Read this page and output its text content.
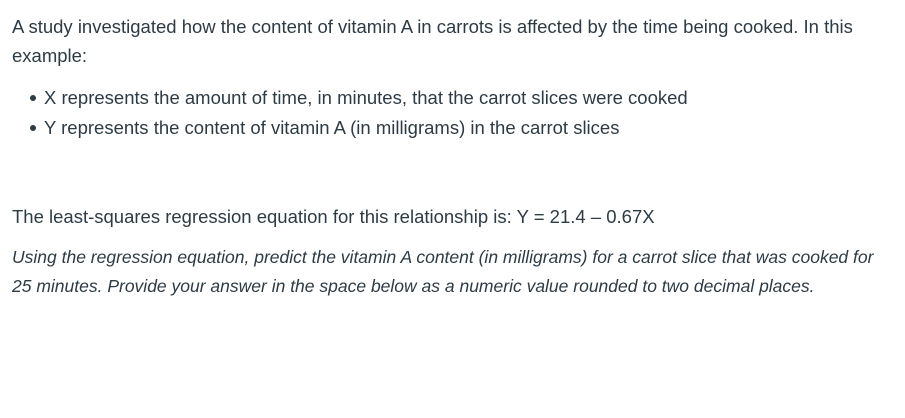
A study investigated how the content of vitamin A in carrots is affected by the time being cooked. In this example:

X represents the amount of time, in minutes, that the carrot slices were cooked
Y represents the content of vitamin A (in milligrams) in the carrot slices

The least-squares regression equation for this relationship is: Y = 21.4 – 0.67X

Using the regression equation, predict the vitamin A content (in milligrams) for a carrot slice that was cooked for 25 minutes. Provide your answer in the space below as a numeric value rounded to two decimal places.
